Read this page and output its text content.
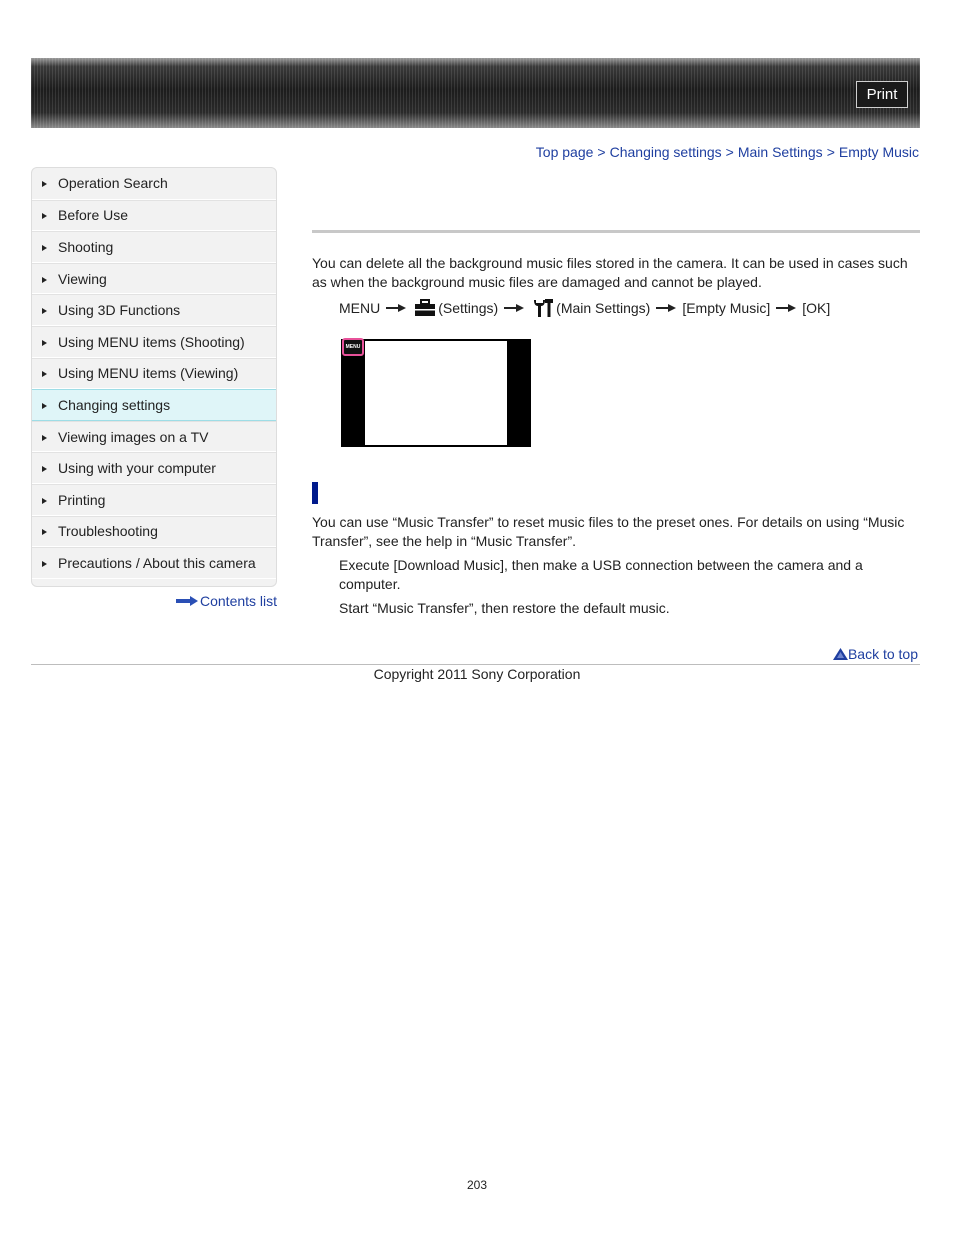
Print
Top page > Changing settings > Main Settings > Empty Music
Operation Search
Before Use
Shooting
Viewing
Using 3D Functions
Using MENU items (Shooting)
Using MENU items (Viewing)
Changing settings
Viewing images on a TV
Using with your computer
Printing
Troubleshooting
Precautions / About this camera
Contents list
You can delete all the background music files stored in the camera. It can be used in cases such as when the background music files are damaged and cannot be played.
MENU	(Settings)	(Main Settings) [Empty Music] [OK]
MENU
You can use “Music Transfer” to reset music files to the preset ones. For details on using “Music Transfer”, see the help in “Music Transfer”.
Execute [Download Music], then make a USB connection between the camera and a computer.
Start “Music Transfer”, then restore the default music.
Back to top
Copyright 2011 Sony Corporation
203
